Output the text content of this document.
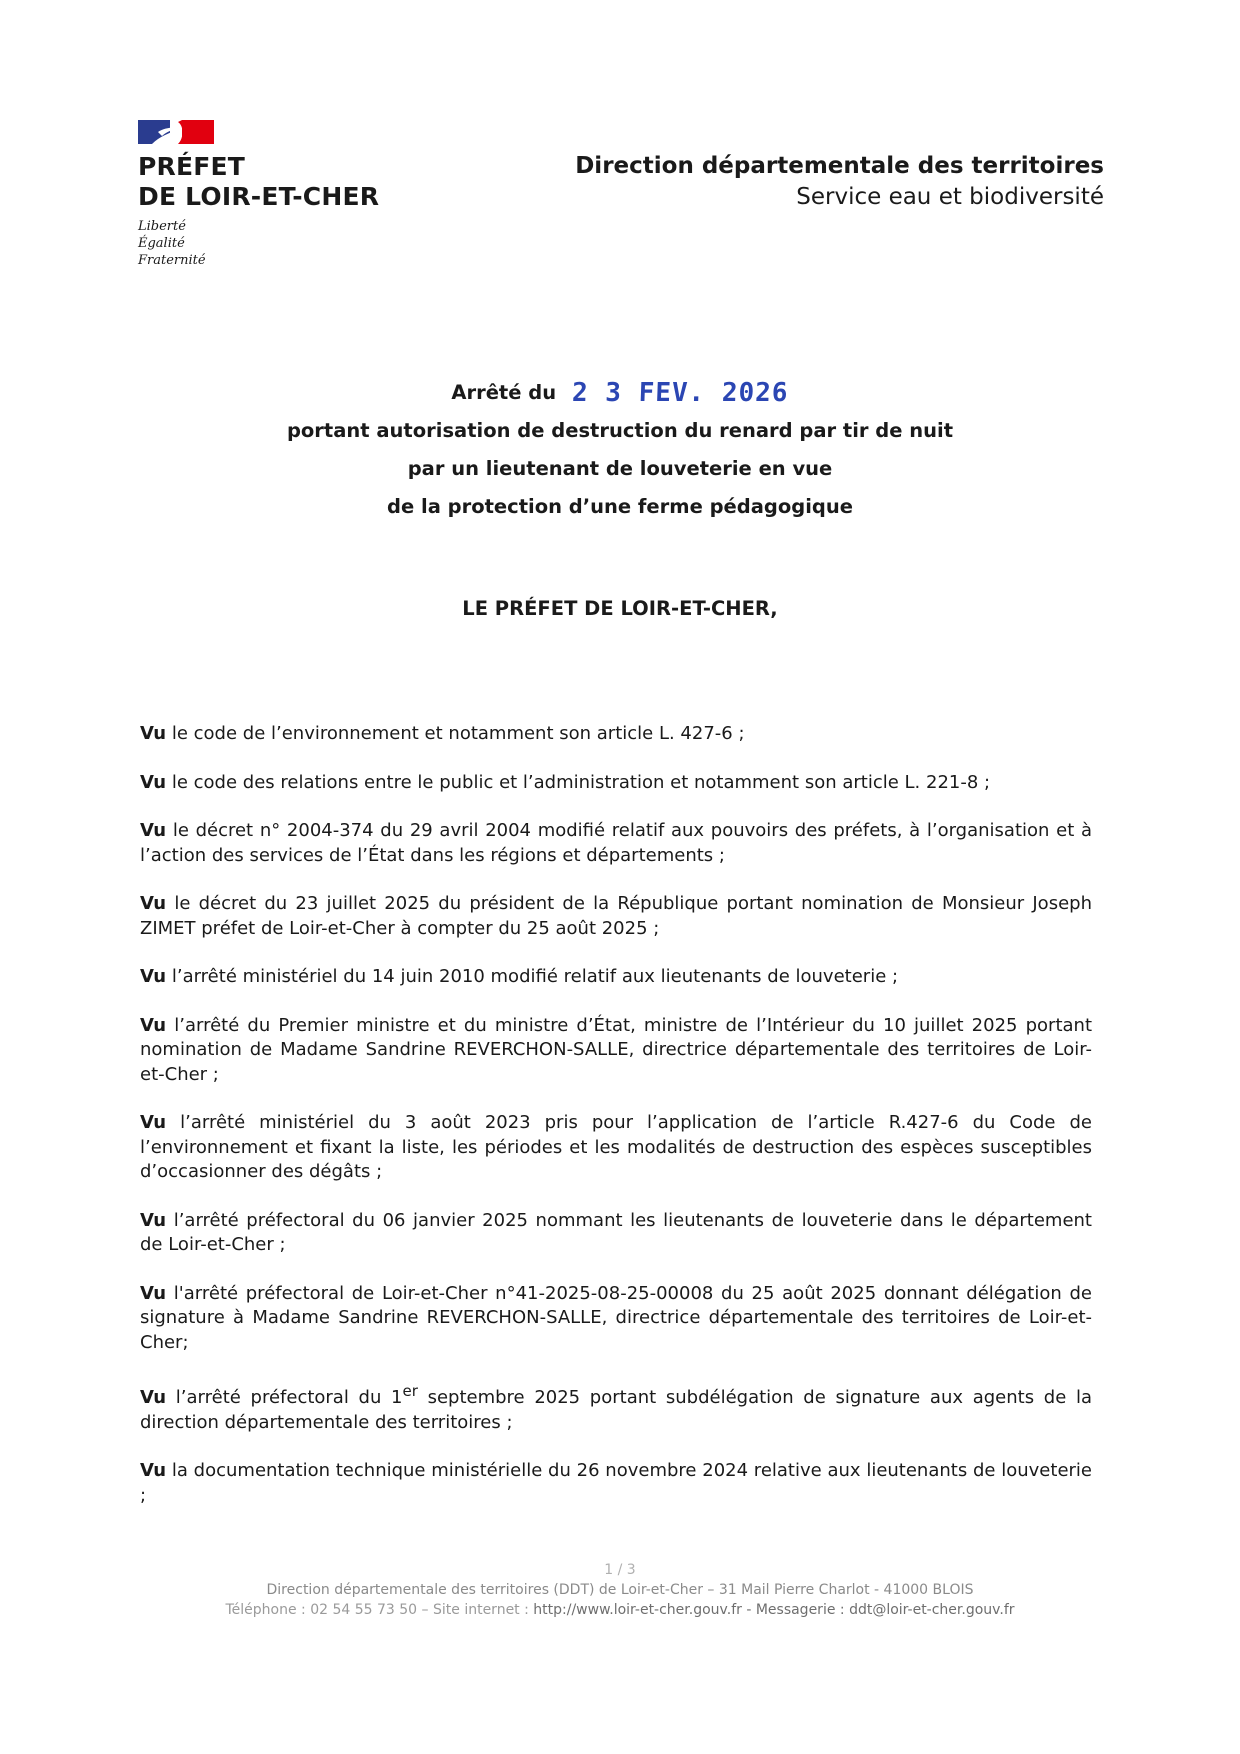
PRÉFET
DE LOIR-ET-CHER
Liberté
Égalité
Fraternité
Direction départementale des territoires
Service eau et biodiversité
Arrêté du 2 3 FEV. 2026
portant autorisation de destruction du renard par tir de nuit
par un lieutenant de louveterie en vue
de la protection d’une ferme pédagogique
LE PRÉFET DE LOIR-ET-CHER,
Vu le code de l’environnement et notamment son article L. 427-6 ;
Vu le code des relations entre le public et l’administration et notamment son article L. 221-8 ;
Vu le décret n° 2004-374 du 29 avril 2004 modifié relatif aux pouvoirs des préfets, à l’organisation et à l’action des services de l’État dans les régions et départements ;
Vu le décret du 23 juillet 2025 du président de la République portant nomination de Monsieur Joseph ZIMET préfet de Loir-et-Cher à compter du 25 août 2025 ;
Vu l’arrêté ministériel du 14 juin 2010 modifié relatif aux lieutenants de louveterie ;
Vu l’arrêté du Premier ministre et du ministre d’État, ministre de l’Intérieur du 10 juillet 2025 portant nomination de Madame Sandrine REVERCHON-SALLE, directrice départementale des territoires de Loir-et-Cher ;
Vu l’arrêté ministériel du 3 août 2023 pris pour l’application de l’article R.427-6 du Code de l’environnement et fixant la liste, les périodes et les modalités de destruction des espèces susceptibles d’occasionner des dégâts ;
Vu l’arrêté préfectoral du 06 janvier 2025 nommant les lieutenants de louveterie dans le département de Loir-et-Cher ;
Vu l'arrêté préfectoral de Loir-et-Cher n°41-2025-08-25-00008 du 25 août 2025 donnant délégation de signature à Madame Sandrine REVERCHON-SALLE, directrice départementale des territoires de Loir-et-Cher;
Vu l’arrêté préfectoral du 1er septembre 2025 portant subdélégation de signature aux agents de la direction départementale des territoires ;
Vu la documentation technique ministérielle du 26 novembre 2024 relative aux lieutenants de louveterie ;
1 / 3
Direction départementale des territoires (DDT) de Loir-et-Cher – 31 Mail Pierre Charlot - 41000 BLOIS
Téléphone : 02 54 55 73 50 – Site internet : http://www.loir-et-cher.gouv.fr - Messagerie : ddt@loir-et-cher.gouv.fr
